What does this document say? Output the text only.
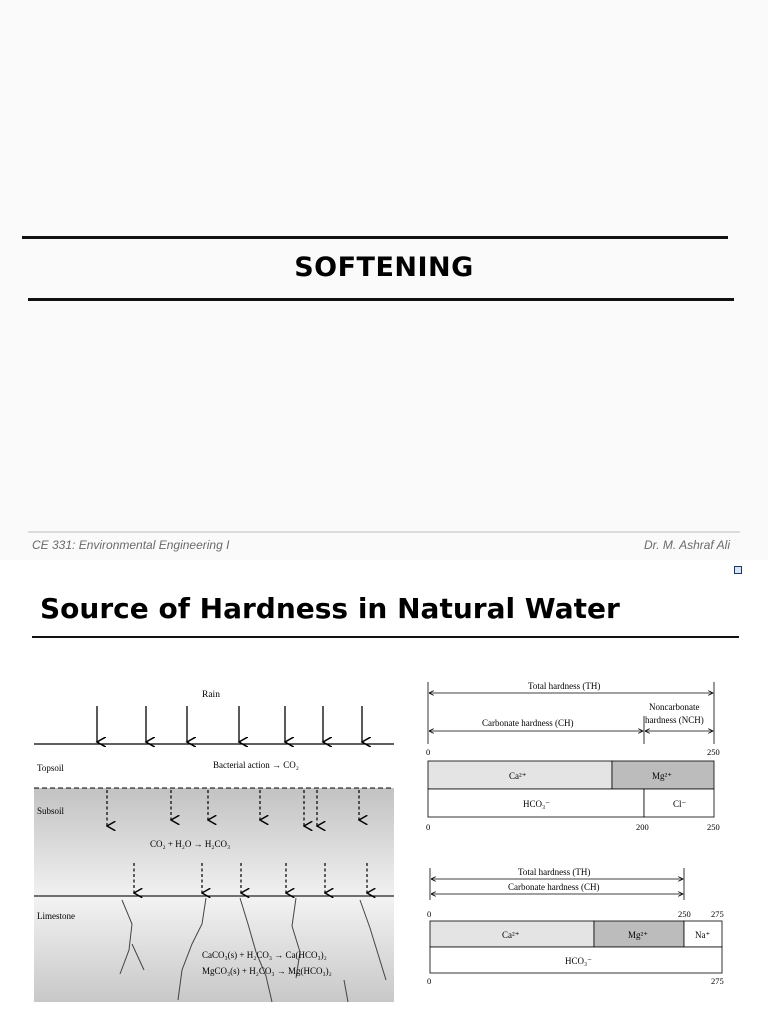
SOFTENING
CE 331: Environmental Engineering I	Dr. M. Ashraf Ali
Source of Hardness in Natural Water
Rain
Topsoil	Bacterial action → CO₂
Subsoil
CO₂ + H₂O → H₂CO₃
Limestone
CaCO₃(s) + H₂CO₃ → Ca(HCO₃)₂
MgCO₃(s) + H₂CO₃ → Mg(HCO₃)₂
Total hardness (TH)
Noncarbonate
hardness (NCH)
Carbonate hardness (CH)
0	250
Ca²⁺	Mg²⁺
HCO₃⁻	Cl⁻
0	200	250
Total hardness (TH)
Carbonate hardness (CH)
0	250 275
Ca²⁺	Mg²⁺	Na⁺
HCO₃⁻
0	275
